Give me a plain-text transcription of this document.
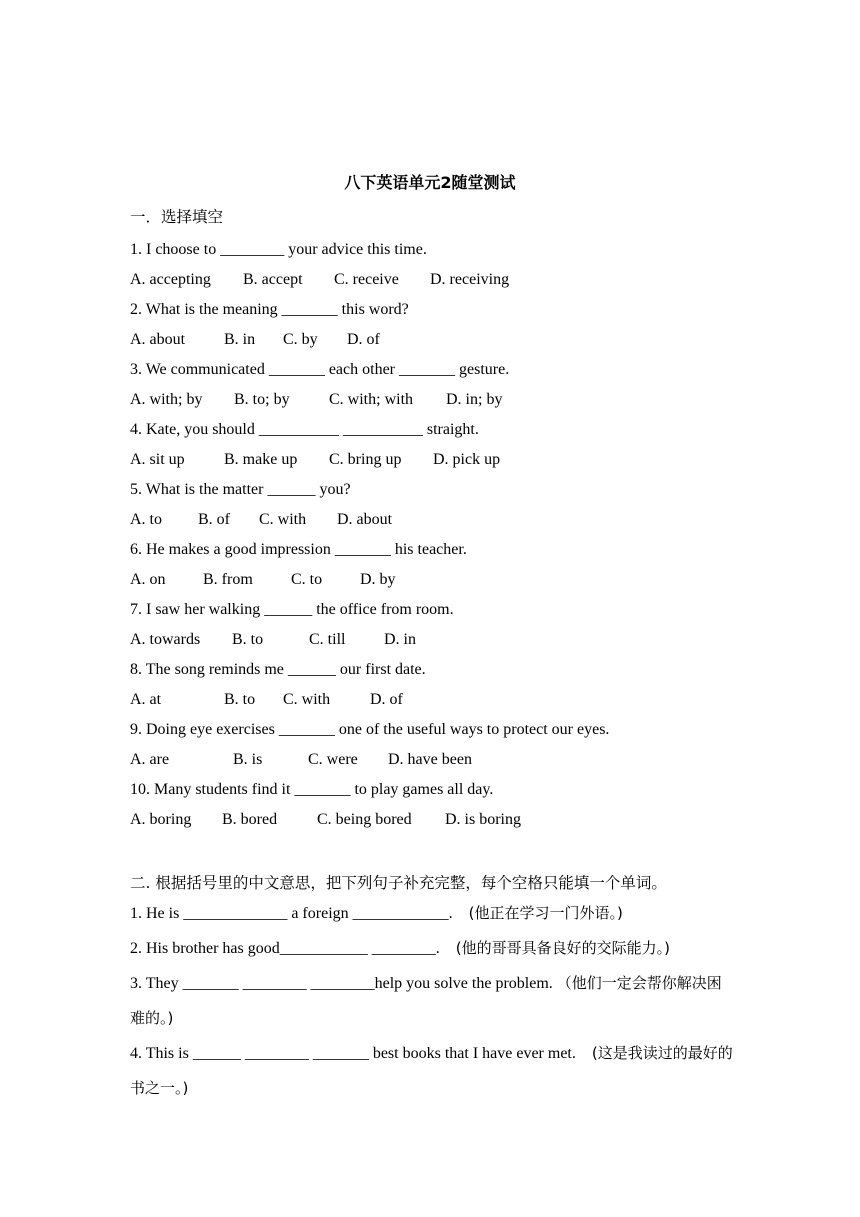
八下英语单元2随堂测试
一．选择填空
1. I choose to ________ your advice this time.
A. accepting B. accept C. receive D. receiving
2. What is the meaning _______ this word?
A. about B. in C. by D. of
3. We communicated _______ each other _______ gesture.
A. with; by B. to; by C. with; with D. in; by
4. Kate, you should __________ __________ straight.
A. sit up B. make up C. bring up D. pick up
5. What is the matter ______ you?
A. to B. of C. with D. about
6. He makes a good impression _______ his teacher.
A. on B. from C. to D. by
7. I saw her walking ______ the office from room.
A. towards B. to	C. till D. in
8. The song reminds me ______ our first date.
A. at	B. to C. with D. of
9. Doing eye exercises _______ one of the useful ways to protect our eyes.
A. are	B. is	C. were D. have been
10. Many students find it _______ to play games all day.
A. boring B. bored C. being bored D. is boring
二. 根据括号里的中文意思，把下列句子补充完整，每个空格只能填一个单词。
1. He is _____________ a foreign ____________. (他正在学习一门外语。)
2. His brother has good___________ ________. (他的哥哥具备良好的交际能力。)
3. They _______ ________ ________help you solve the problem. （他们一定会帮你解决困难的。)
4. This is ______ ________ _______ best books that I have ever met. (这是我读过的最好的书之一。)
